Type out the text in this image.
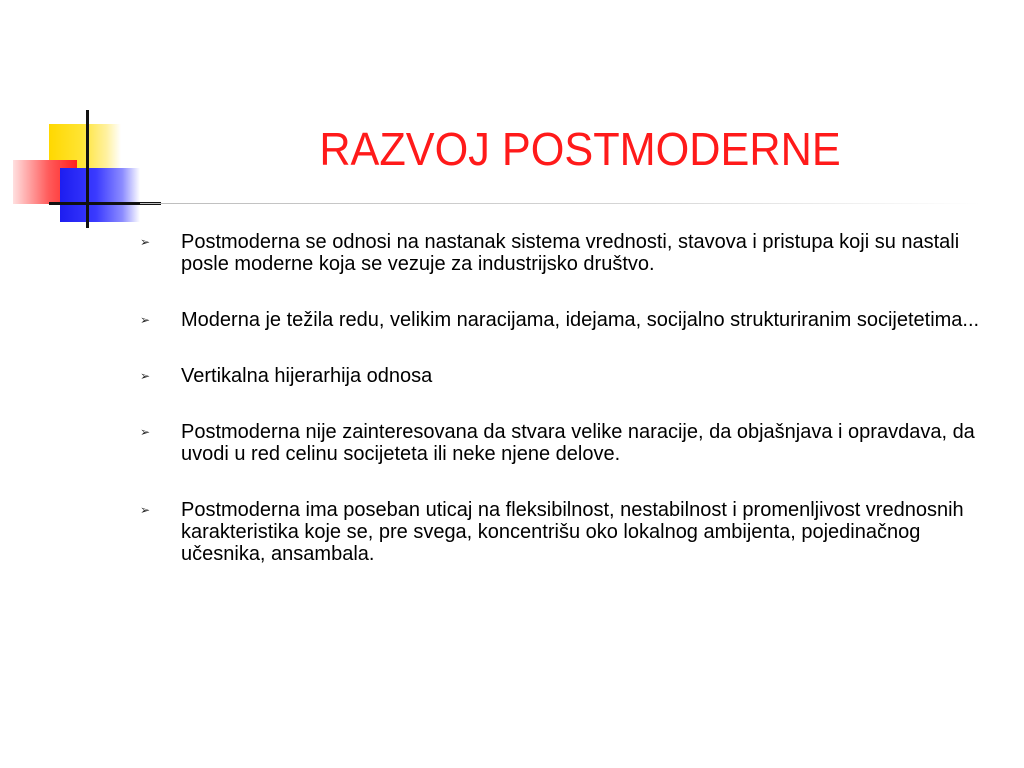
RAZVOJ POSTMODERNE
➢ Postmoderna se odnosi na nastanak sistema vrednosti, stavova i pristupa koji su nastali posle moderne koja se vezuje za industrijsko društvo.
➢ Moderna je težila redu, velikim naracijama, idejama, socijalno strukturiranim socijetetima...
➢ Vertikalna hijerarhija odnosa
➢ Postmoderna nije zainteresovana da stvara velike naracije, da objašnjava i opravdava, da uvodi u red celinu socijeteta ili neke njene delove.
➢ Postmoderna ima poseban uticaj na fleksibilnost, nestabilnost i promenljivost vrednosnih karakteristika koje se, pre svega, koncentrišu oko lokalnog ambijenta, pojedinačnog učesnika, ansambala.
